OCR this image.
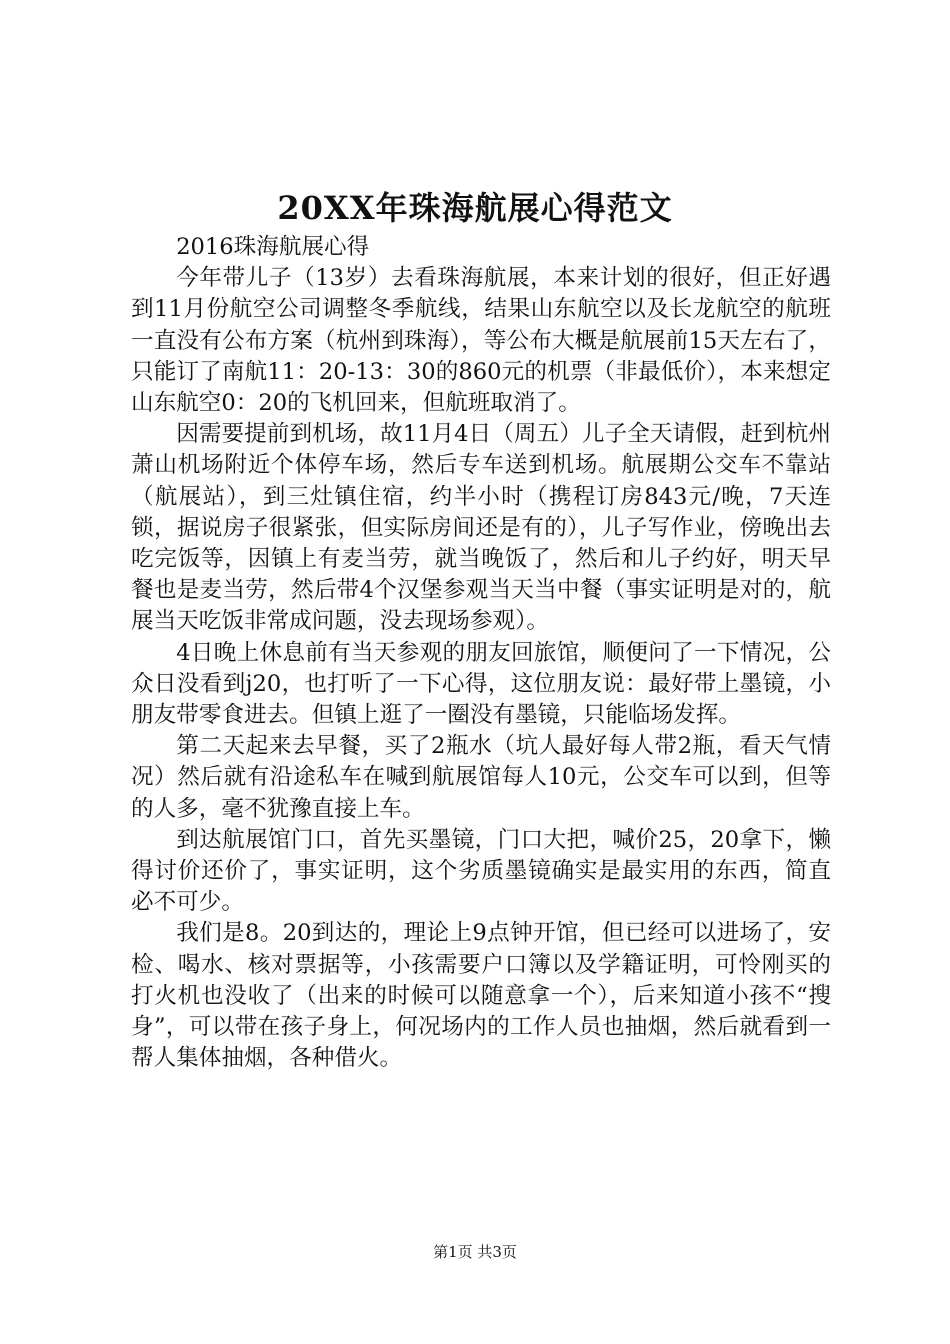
20XX年珠海航展心得范文

2016珠海航展心得

今年带儿子（13岁）去看珠海航展，本来计划的很好，但正好遇到11月份航空公司调整冬季航线，结果山东航空以及长龙航空的航班一直没有公布方案（杭州到珠海），等公布大概是航展前15天左右了，只能订了南航11：20-13：30的860元的机票（非最低价），本来想定山东航空0：20的飞机回来，但航班取消了。

因需要提前到机场，故11月4日（周五）儿子全天请假，赶到杭州萧山机场附近个体停车场，然后专车送到机场。航展期公交车不靠站（航展站），到三灶镇住宿，约半小时（携程订房843元/晚，7天连锁，据说房子很紧张，但实际房间还是有的），儿子写作业，傍晚出去吃完饭等，因镇上有麦当劳，就当晚饭了，然后和儿子约好，明天早餐也是麦当劳，然后带4个汉堡参观当天当中餐（事实证明是对的，航展当天吃饭非常成问题，没去现场参观）。

4日晚上休息前有当天参观的朋友回旅馆，顺便问了一下情况，公众日没看到j20，也打听了一下心得，这位朋友说：最好带上墨镜，小朋友带零食进去。但镇上逛了一圈没有墨镜，只能临场发挥。

第二天起来去早餐，买了2瓶水（坑人最好每人带2瓶，看天气情况）然后就有沿途私车在喊到航展馆每人10元，公交车可以到，但等的人多，毫不犹豫直接上车。

到达航展馆门口，首先买墨镜，门口大把，喊价25，20拿下，懒得讨价还价了，事实证明，这个劣质墨镜确实是最实用的东西，简直必不可少。

我们是8。20到达的，理论上9点钟开馆，但已经可以进场了，安检、喝水、核对票据等，小孩需要户口簿以及学籍证明，可怜刚买的打火机也没收了（出来的时候可以随意拿一个），后来知道小孩不“搜身”，可以带在孩子身上，何况场内的工作人员也抽烟，然后就看到一帮人集体抽烟，各种借火。

第1页 共3页
